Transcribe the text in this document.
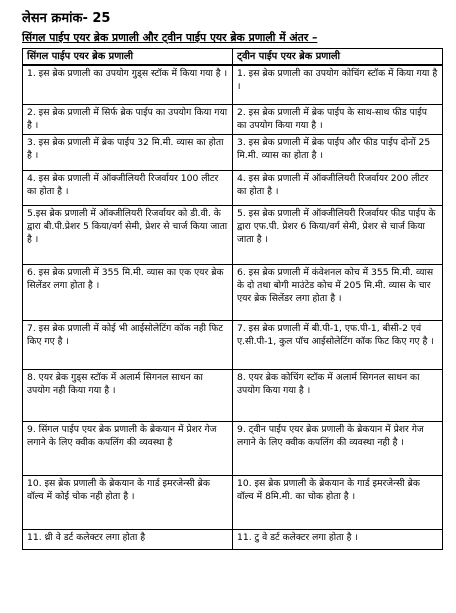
लेसन क्रमांक- 25
सिंगल पाईप एयर ब्रेक प्रणाली और ट्वीन पाईप एयर ब्रेक प्रणाली में अंतर –
सिंगल पाईप एयर ब्रेक प्रणाली	ट्वीन पाईप एयर ब्रेक प्रणाली
1. इस ब्रेक प्रणाली का उपयोग गुड्स स्टॉक में किया गया है ।	1. इस ब्रेक प्रणाली का उपयोग कोचिंग स्टॉक में किया गया है ।
2. इस ब्रेक प्रणाली में सिर्फ ब्रेक पाईप का उपयोग किया गया है ।	2. इस ब्रेक प्रणाली में ब्रेक पाईप के साथ-साथ फीड पाईप का उपयोग किया गया है ।
3. इस ब्रेक प्रणाली में ब्रेक पाईप 32 मि.मी. व्यास का होता है ।	3. इस ब्रेक प्रणाली में ब्रेक पाईप और फीड पाईप दोनों 25 मि.मी. व्यास का होता है ।
4. इस ब्रेक प्रणाली में ऑक्जीलियरी रिजर्वायर 100 लीटर का होता है ।	4. इस ब्रेक प्रणाली में ऑक्जीलियरी रिजर्वायर 200 लीटर का होता है ।
5.इस ब्रेक प्रणाली में ऑक्जीलियरी रिजर्वायर को डी.वी. के द्वारा बी.पी.प्रेशर 5 किया/वर्ग सेमी, प्रेशर से चार्ज किया जाता है ।	5. इस ब्रेक प्रणाली में ऑक्जीलियरी रिजर्वायर फीड पाईप के द्वारा एफ.पी. प्रेशर 6 किया/वर्ग सेमी, प्रेशर से चार्ज किया जाता है ।
6. इस ब्रेक प्रणाली में 355 मि.मी. व्यास का एक एयर ब्रेक सिलेंडर लगा होता है ।	6. इस ब्रेक प्रणाली में कंवेशनल कोच में 355 मि.मी. व्यास के दो तथा बोगी माउंटेड कोच में 205 मि.मी. व्यास के चार एयर ब्रेक सिलेंडर लगा होता है ।
7. इस ब्रेक प्रणाली में कोई भी आईसोलेटिंग कॉक नही फिट किए गए है ।	7. इस ब्रेक प्रणाली में बी.पी-1, एफ.पी-1, बीसी-2 एवं ए.सी.पी-1, कुल पॉच आईसोलेटिंग कॉक फिट किए गए है ।
8. एयर ब्रेक गुड्स स्टॉक में अलार्म सिगनल साधन का उपयोग नही किया गया है ।	8. एयर ब्रेक कोचिंग स्टॉक में अलार्म सिगनल साधन का उपयोग किया गया है ।
9. सिंगल पाईप एयर ब्रेक प्रणाली के ब्रेकयान में प्रेशर गेज लगाने के लिए क्वीक कपलिंग की व्यवस्था है	9. ट्वीन पाईप एयर ब्रेक प्रणाली के ब्रेकयान में प्रेशर गेज लगाने के लिए क्वीक कपलिंग की व्यवस्था नही है ।
10. इस ब्रेक प्रणाली के ब्रेकयान के गार्ड इमरजेन्सी ब्रेक वॉल्व में कोई चोक नही होता है ।	10. इस ब्रेक प्रणाली के ब्रेकयान के गार्ड इमरजेन्सी ब्रेक वॉल्व में 8मि.मी. का चोक होता है ।
11. थ्री वे डर्ट कलेक्टर लगा होता है	11. टु वे डर्ट कलेक्टर लगा होता है ।
